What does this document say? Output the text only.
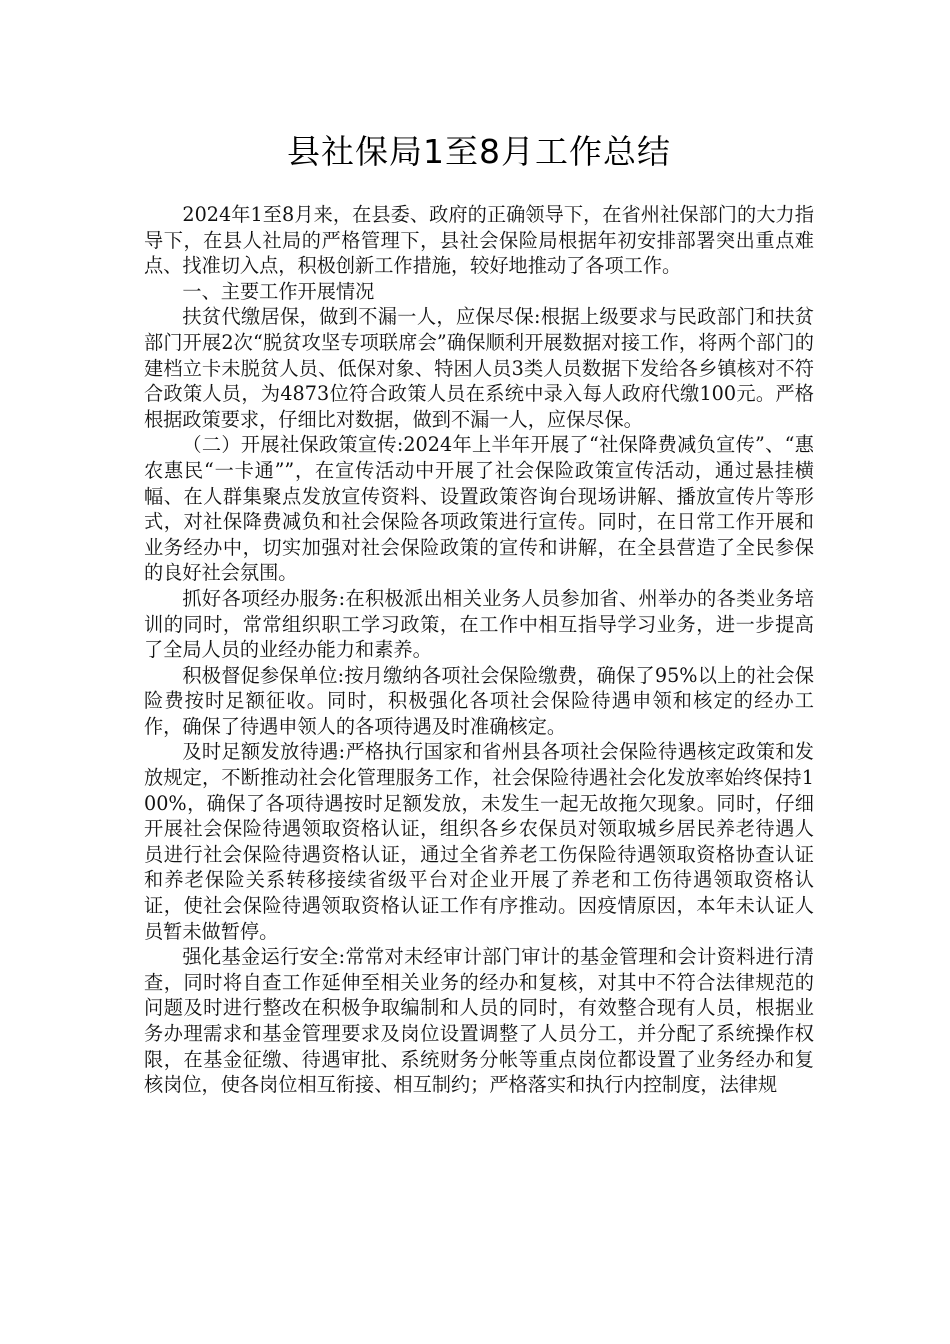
县社保局1至8月工作总结

2024年1至8月来，在县委、政府的正确领导下，在省州社保部门的大力指导下，在县人社局的严格管理下，县社会保险局根据年初安排部署突出重点难点、找准切入点，积极创新工作措施，较好地推动了各项工作。

一、主要工作开展情况

扶贫代缴居保，做到不漏一人，应保尽保:根据上级要求与民政部门和扶贫部门开展2次“脱贫攻坚专项联席会”确保顺利开展数据对接工作，将两个部门的建档立卡未脱贫人员、低保对象、特困人员3类人员数据下发给各乡镇核对不符合政策人员，为4873位符合政策人员在系统中录入每人政府代缴100元。严格根据政策要求，仔细比对数据，做到不漏一人，应保尽保。

（二）开展社保政策宣传:2024年上半年开展了“社保降费减负宣传”、“惠农惠民“一卡通””，在宣传活动中开展了社会保险政策宣传活动，通过悬挂横幅、在人群集聚点发放宣传资料、设置政策咨询台现场讲解、播放宣传片等形式，对社保降费减负和社会保险各项政策进行宣传。同时，在日常工作开展和业务经办中，切实加强对社会保险政策的宣传和讲解，在全县营造了全民参保的良好社会氛围。

抓好各项经办服务:在积极派出相关业务人员参加省、州举办的各类业务培训的同时，常常组织职工学习政策，在工作中相互指导学习业务，进一步提高了全局人员的业经办能力和素养。

积极督促参保单位:按月缴纳各项社会保险缴费，确保了95%以上的社会保险费按时足额征收。同时，积极强化各项社会保险待遇申领和核定的经办工作，确保了待遇申领人的各项待遇及时准确核定。

及时足额发放待遇:严格执行国家和省州县各项社会保险待遇核定政策和发放规定，不断推动社会化管理服务工作，社会保险待遇社会化发放率始终保持100%，确保了各项待遇按时足额发放，未发生一起无故拖欠现象。同时，仔细开展社会保险待遇领取资格认证，组织各乡农保员对领取城乡居民养老待遇人员进行社会保险待遇资格认证，通过全省养老工伤保险待遇领取资格协查认证和养老保险关系转移接续省级平台对企业开展了养老和工伤待遇领取资格认证，使社会保险待遇领取资格认证工作有序推动。因疫情原因，本年未认证人员暂未做暂停。

强化基金运行安全:常常对未经审计部门审计的基金管理和会计资料进行清查，同时将自查工作延伸至相关业务的经办和复核，对其中不符合法律规范的问题及时进行整改在积极争取编制和人员的同时，有效整合现有人员，根据业务办理需求和基金管理要求及岗位设置调整了人员分工，并分配了系统操作权限，在基金征缴、待遇审批、系统财务分帐等重点岗位都设置了业务经办和复核岗位，使各岗位相互衔接、相互制约；严格落实和执行内控制度，法律规
